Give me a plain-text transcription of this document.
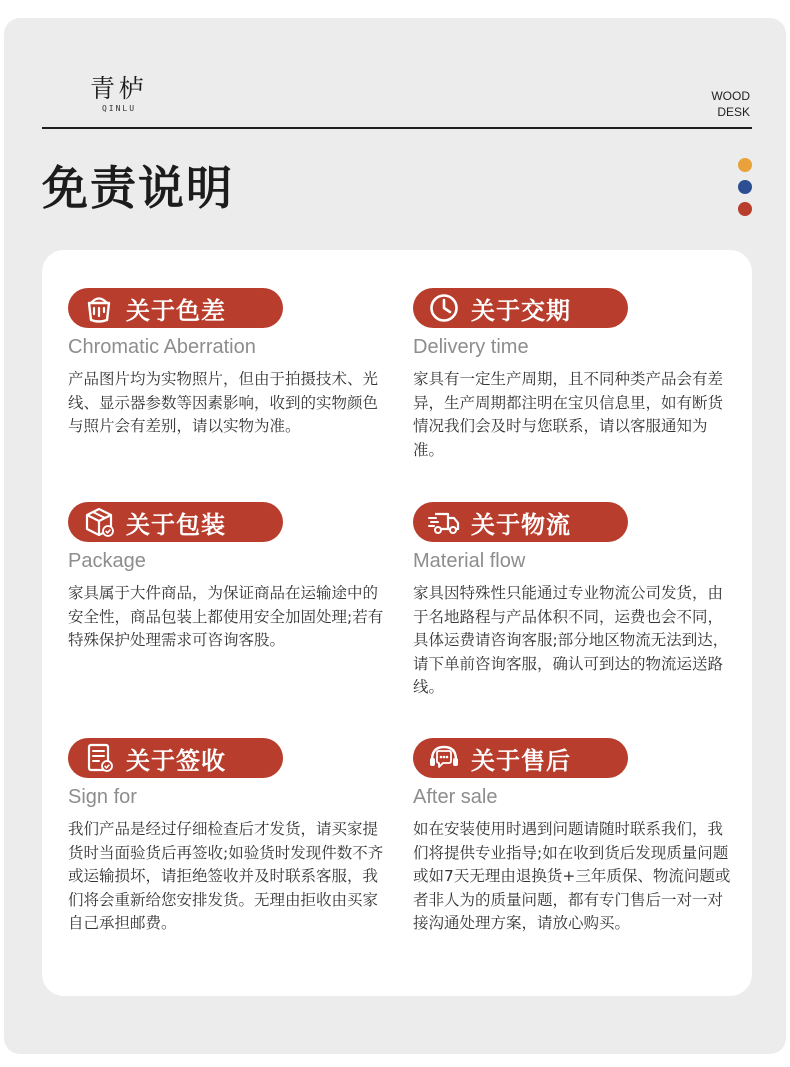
青栌
QINLU
WOOD
DESK
免责说明
关于色差
Chromatic Aberration
产品图片均为实物照片，但由于拍摄技术、光线、显示器参数等因素影响，收到的实物颜色与照片会有差别，请以实物为准。
关于交期
Delivery time
家具有一定生产周期，且不同种类产品会有差异，生产周期都注明在宝贝信息里，如有断货情况我们会及时与您联系，请以客服通知为准。
关于包装
Package
家具属于大件商品，为保证商品在运输途中的安全性，商品包装上都使用安全加固处理;若有特殊保护处理需求可咨询客股。
关于物流
Material flow
家具因特殊性只能通过专业物流公司发货，由于名地路程与产品体积不同，运费也会不同，具体运费请咨询客服;部分地区物流无法到达，请下单前咨询客服，确认可到达的物流运送路线。
关于签收
Sign for
我们产品是经过仔细检查后才发货，请买家提货时当面验货后再签收;如验货时发现件数不齐或运输损坏，请拒绝签收并及时联系客服，我们将会重新给您安排发货。无理由拒收由买家自己承担邮费。
关于售后
After sale
如在安装使用时遇到问题请随时联系我们，我们将提供专业指导;如在收到货后发现质量问题或如7天无理由退换货+三年质保、物流问题或者非人为的质量问题，都有专门售后一对一对接沟通处理方案，请放心购买。
